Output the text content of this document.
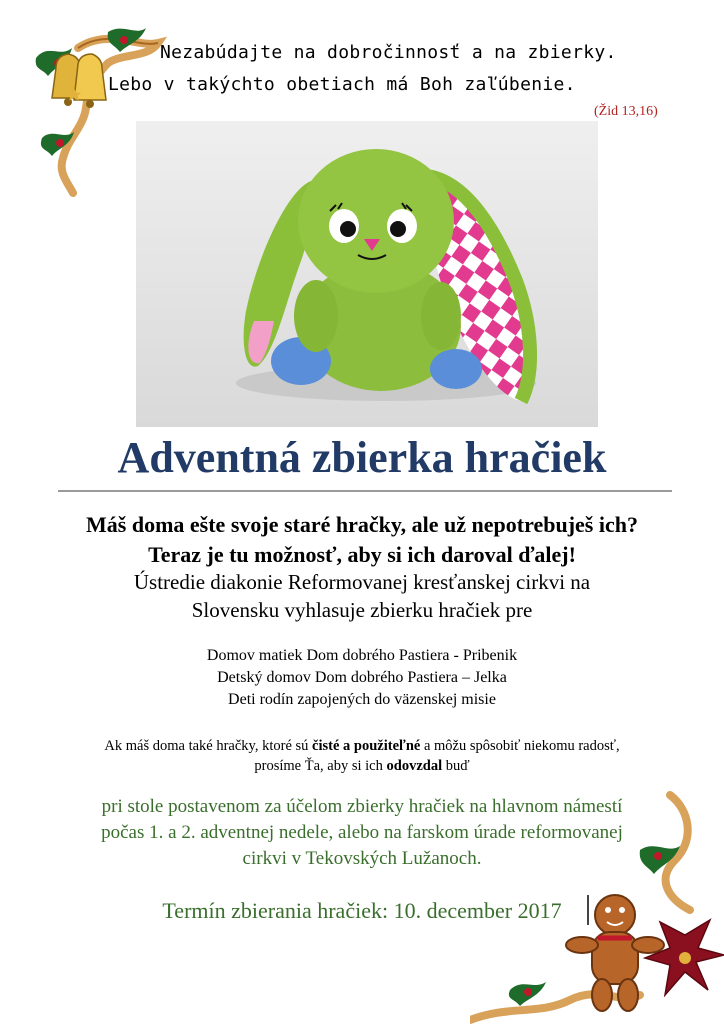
Nezabúdajte na dobročinnosť a na zbierky.
Lebo v takýchto obetiach má Boh zaľúbenie.
(Žid 13,16)
Adventná zbierka hračiek
Máš doma ešte svoje staré hračky, ale už nepotrebuješ ich?
Teraz je tu možnosť, aby si ich daroval ďalej!
Ústredie diakonie Reformovanej kresťanskej cirkvi na
Slovensku vyhlasuje zbierku hračiek pre
Domov matiek Dom dobrého Pastiera - Pribenik
Detský domov Dom dobrého Pastiera – Jelka
Deti rodín zapojených do väzenskej misie
Ak máš doma také hračky, ktoré sú čisté a použiteľné a môžu spôsobiť niekomu radosť,
prosíme Ťa, aby si ich odovzdal buď
pri stole postavenom za účelom zbierky hračiek na hlavnom námestí
počas 1. a 2. adventnej nedele, alebo na farskom úrade reformovanej
cirkvi v Tekovských Lužanoch.
Termín zbierania hračiek: 10. december 2017
